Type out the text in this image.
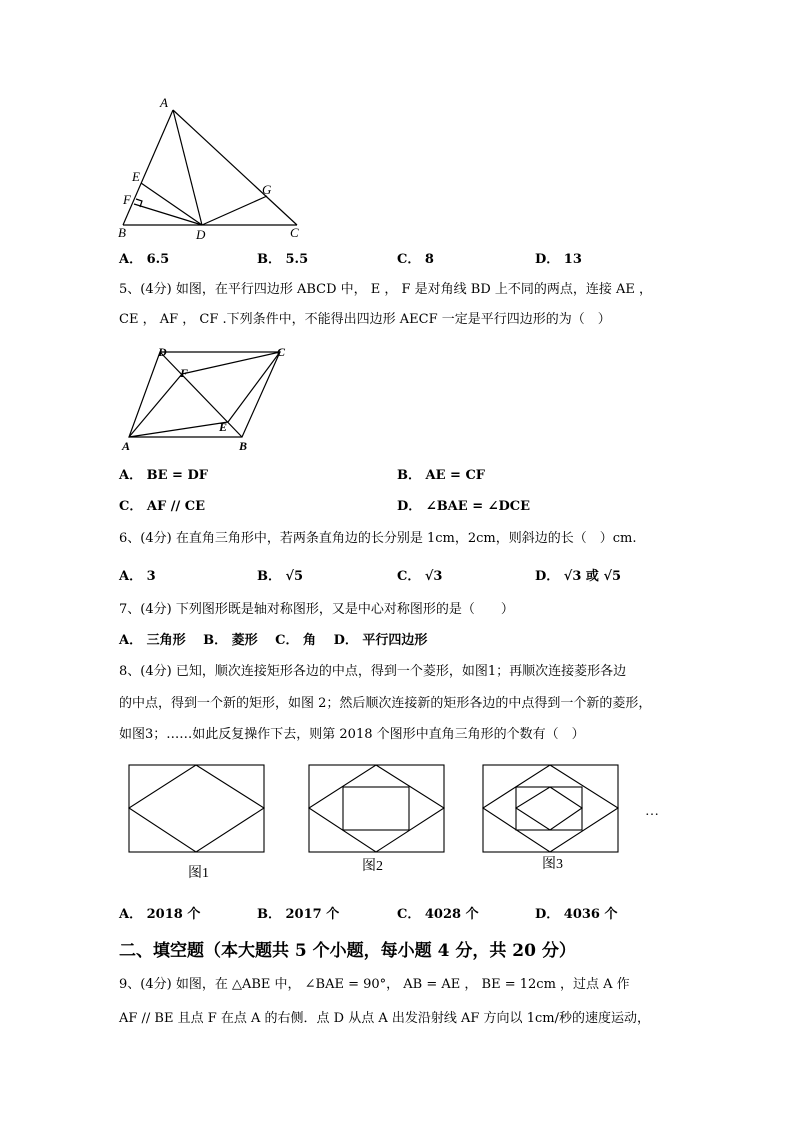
A
E
F
G
B	D	C
A． 6.5	B． 5.5	C． 8	D． 13
5、(4分) 如图，在平行四边形 ABCD 中， E ， F 是对角线 BD 上不同的两点，连接 AE ，
CE ， AF ， CF .下列条件中，不能得出四边形 AECF 一定是平行四边形的为（　）
D	C
F
E
A	B
A． BE = DF	B． AE = CF
C． AF // CE	D． ∠BAE = ∠DCE
6、(4分) 在直角三角形中，若两条直角边的长分别是 1cm，2cm，则斜边的长（　）cm.
A． 3	B． √5	C． √3	D． √3 或 √5
7、(4分) 下列图形既是轴对称图形，又是中心对称图形的是（　　）
A． 三角形　 B． 菱形　 C． 角　 D． 平行四边形
8、(4分) 已知，顺次连接矩形各边的中点，得到一个菱形，如图1；再顺次连接菱形各边
的中点，得到一个新的矩形，如图 2；然后顺次连接新的矩形各边的中点得到一个新的菱形，
如图3；……如此反复操作下去，则第 2018 个图形中直角三角形的个数有（　）
图1	图2	图3
…
A． 2018 个	B． 2017 个	C． 4028 个	D． 4036 个
二、填空题（本大题共 5 个小题，每小题 4 分，共 20 分）
9、(4分) 如图，在 △ABE 中， ∠BAE = 90°， AB = AE ， BE = 12cm ，过点 A 作
AF // BE 且点 F 在点 A 的右侧．点 D 从点 A 出发沿射线 AF 方向以 1cm/秒的速度运动，
